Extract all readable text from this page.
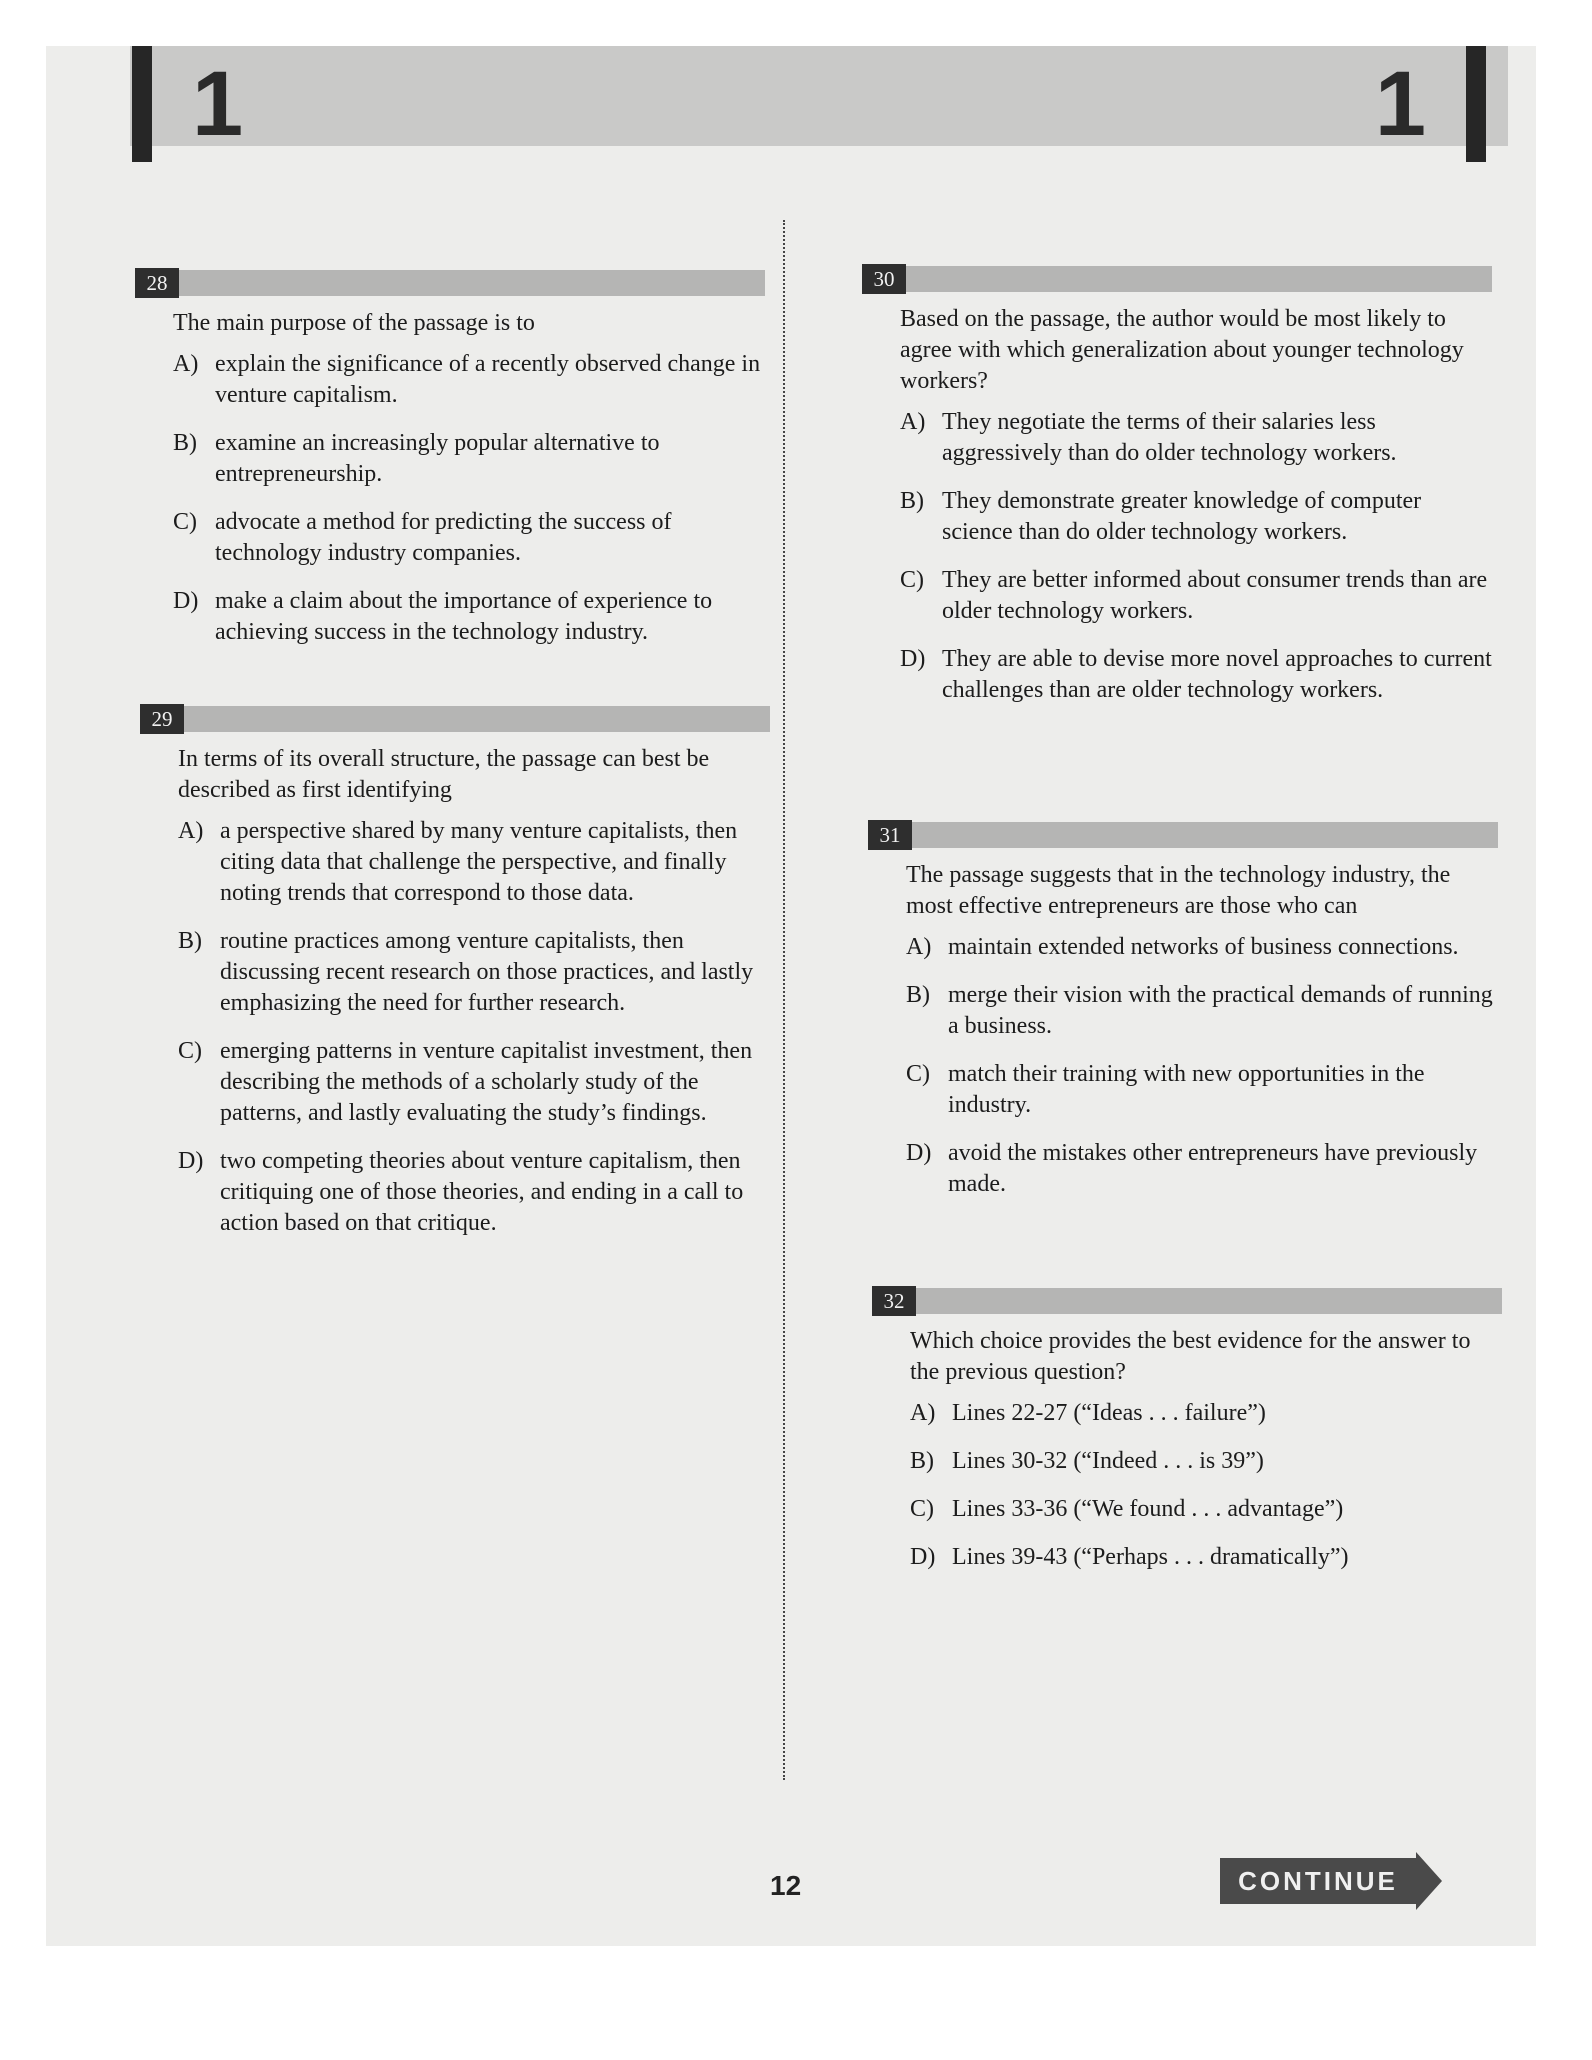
1	1
28
The main purpose of the passage is to
A) explain the significance of a recently observed change in venture capitalism.
B) examine an increasingly popular alternative to entrepreneurship.
C) advocate a method for predicting the success of technology industry companies.
D) make a claim about the importance of experience to achieving success in the technology industry.
29
In terms of its overall structure, the passage can best be described as first identifying
A) a perspective shared by many venture capitalists, then citing data that challenge the perspective, and finally noting trends that correspond to those data.
B) routine practices among venture capitalists, then discussing recent research on those practices, and lastly emphasizing the need for further research.
C) emerging patterns in venture capitalist investment, then describing the methods of a scholarly study of the patterns, and lastly evaluating the study’s findings.
D) two competing theories about venture capitalism, then critiquing one of those theories, and ending in a call to action based on that critique.
30
Based on the passage, the author would be most likely to agree with which generalization about younger technology workers?
A) They negotiate the terms of their salaries less aggressively than do older technology workers.
B) They demonstrate greater knowledge of computer science than do older technology workers.
C) They are better informed about consumer trends than are older technology workers.
D) They are able to devise more novel approaches to current challenges than are older technology workers.
31
The passage suggests that in the technology industry, the most effective entrepreneurs are those who can
A) maintain extended networks of business connections.
B) merge their vision with the practical demands of running a business.
C) match their training with new opportunities in the industry.
D) avoid the mistakes other entrepreneurs have previously made.
32
Which choice provides the best evidence for the answer to the previous question?
A) Lines 22-27 (“Ideas . . . failure”)
B) Lines 30-32 (“Indeed . . . is 39”)
C) Lines 33-36 (“We found . . . advantage”)
D) Lines 39-43 (“Perhaps . . . dramatically”)
12	CONTINUE
